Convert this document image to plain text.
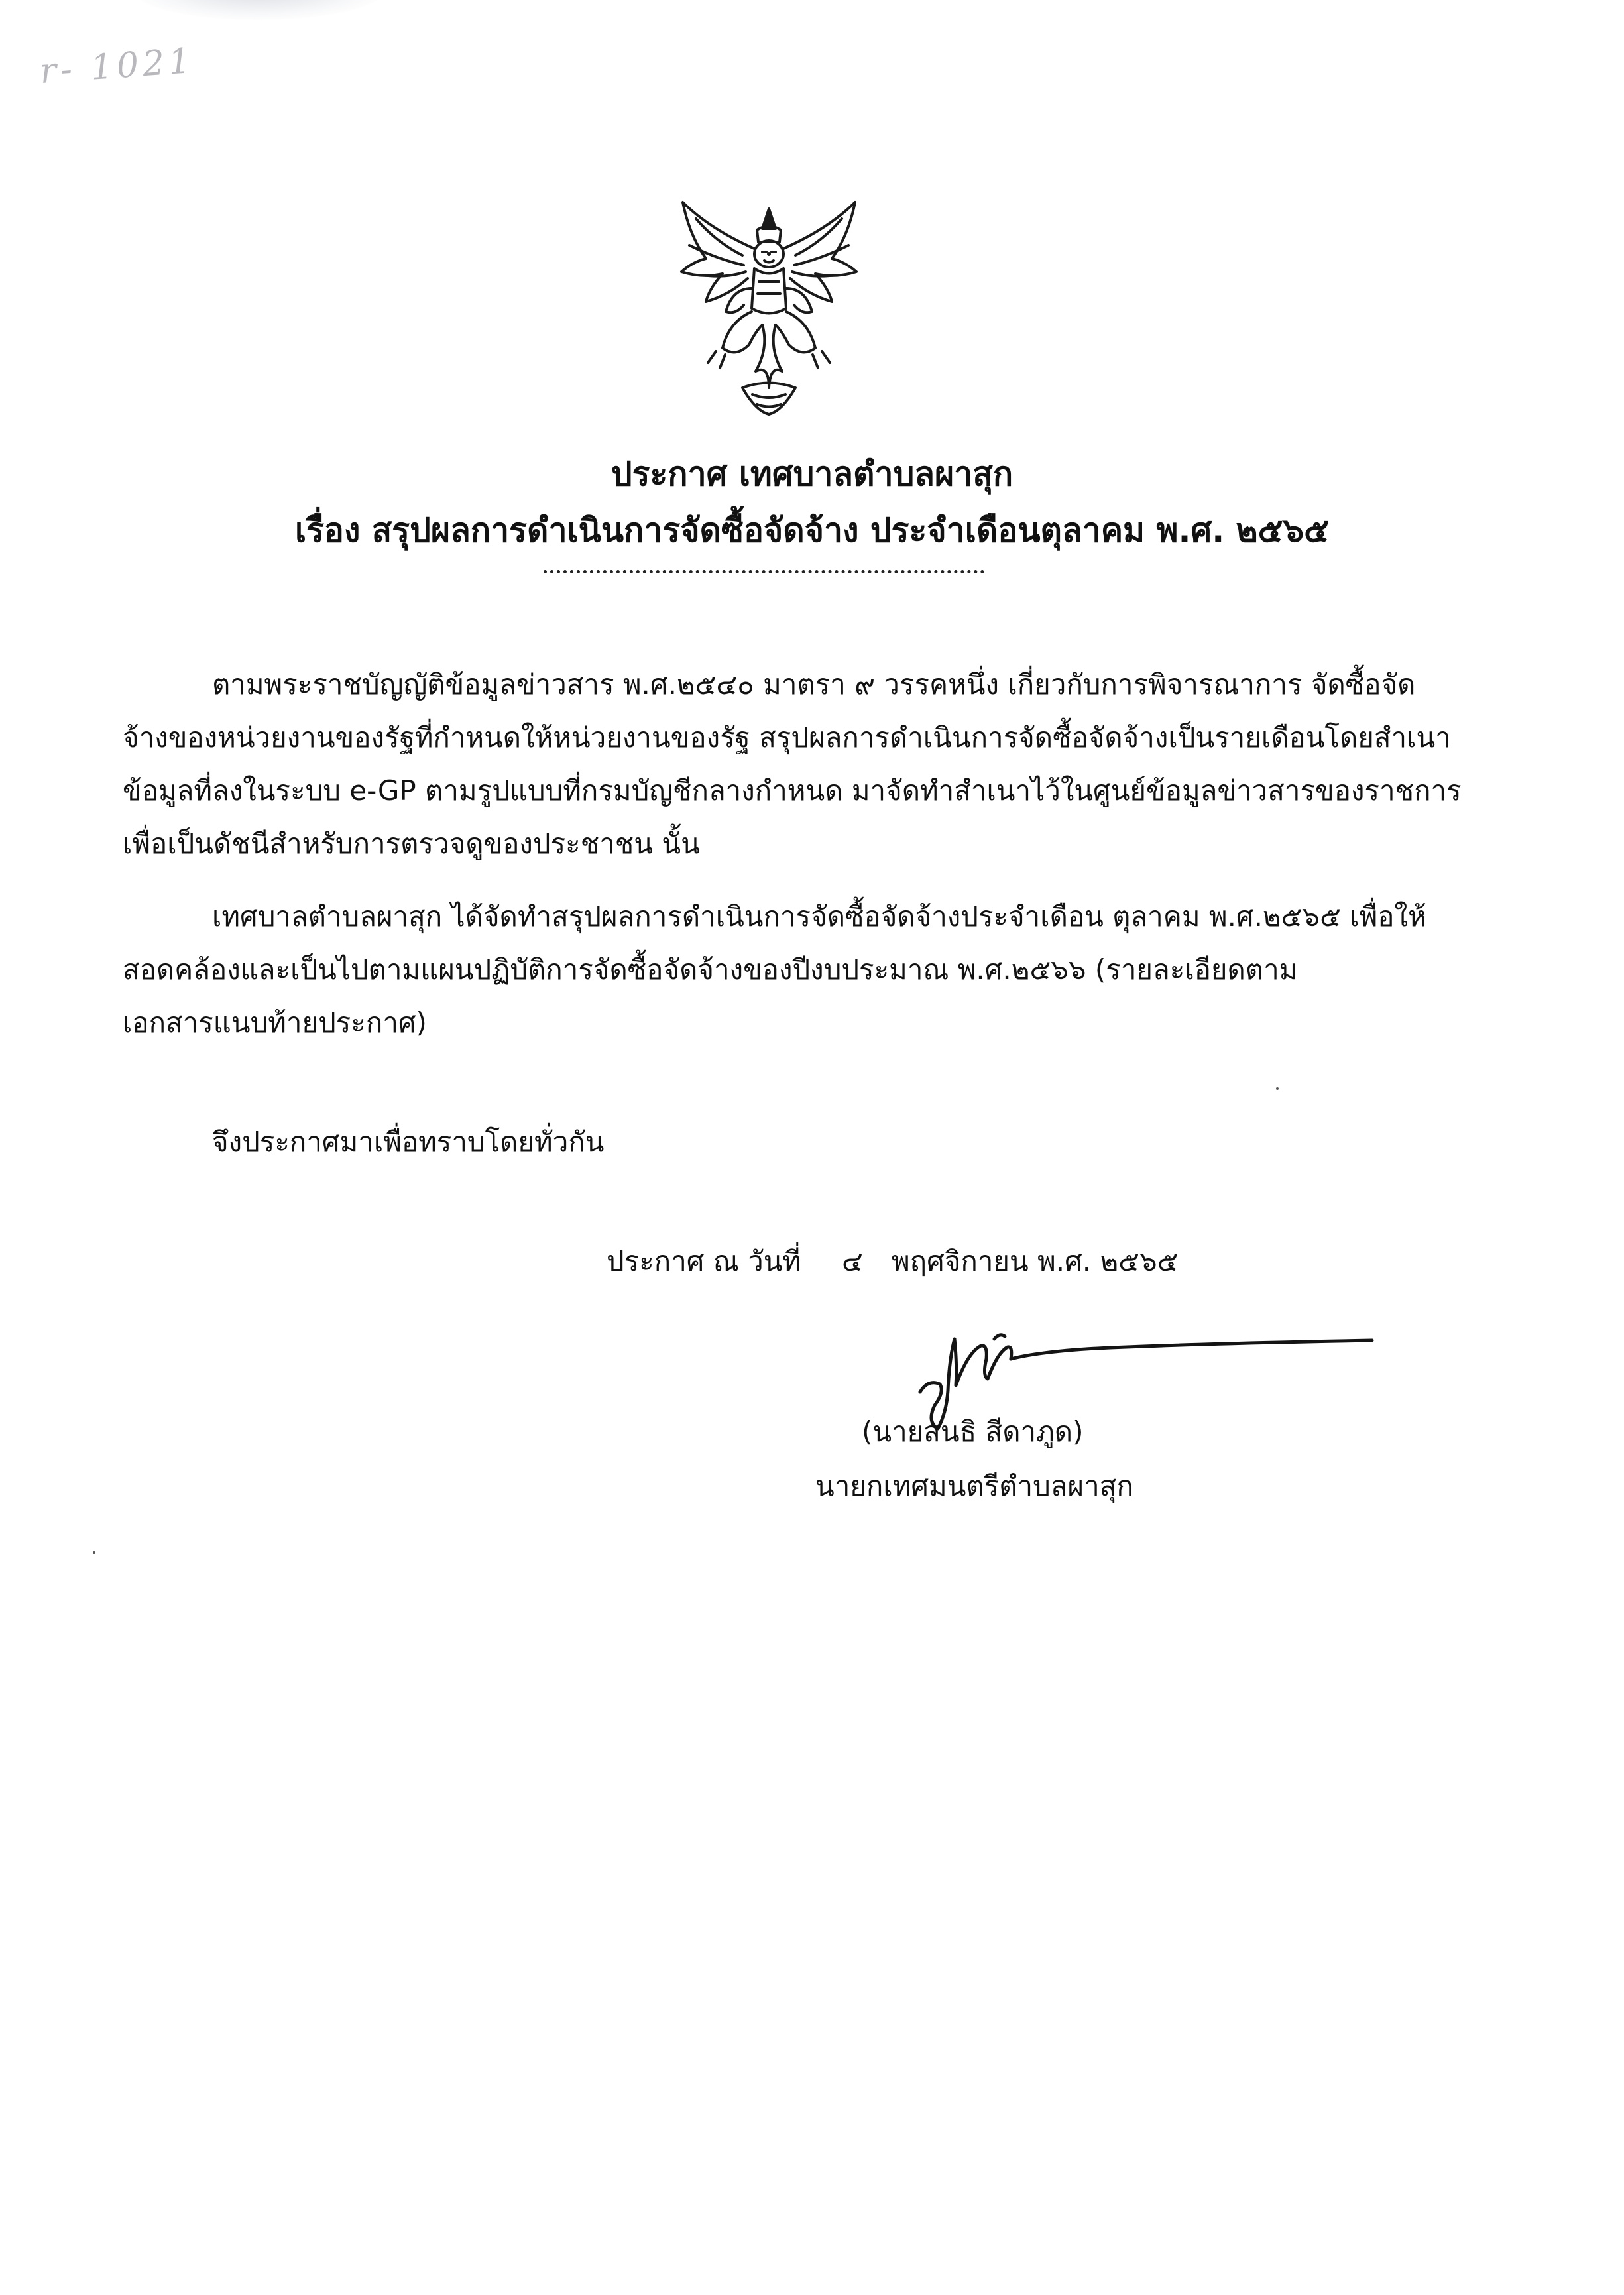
r- 1021
ประกาศ เทศบาลตำบลผาสุก
เรื่อง สรุปผลการดำเนินการจัดซื้อจัดจ้าง ประจำเดือนตุลาคม พ.ศ. ๒๕๖๕
ตามพระราชบัญญัติข้อมูลข่าวสาร พ.ศ.๒๕๔๐ มาตรา ๙ วรรคหนึ่ง เกี่ยวกับการพิจารณาการ จัดซื้อจัด
จ้างของหน่วยงานของรัฐที่กำหนดให้หน่วยงานของรัฐ สรุปผลการดำเนินการจัดซื้อจัดจ้างเป็นรายเดือนโดยสำเนา
ข้อมูลที่ลงในระบบ e-GP ตามรูปแบบที่กรมบัญชีกลางกำหนด มาจัดทำสำเนาไว้ในศูนย์ข้อมูลข่าวสารของราชการ
เพื่อเป็นดัชนีสำหรับการตรวจดูของประชาชน นั้น
เทศบาลตำบลผาสุก ได้จัดทำสรุปผลการดำเนินการจัดซื้อจัดจ้างประจำเดือน ตุลาคม พ.ศ.๒๕๖๕ เพื่อให้
สอดคล้องและเป็นไปตามแผนปฏิบัติการจัดซื้อจัดจ้างของปีงบประมาณ พ.ศ.๒๕๖๖ (รายละเอียดตาม
เอกสารแนบท้ายประกาศ)
จึงประกาศมาเพื่อทราบโดยทั่วกัน
ประกาศ ณ วันที่ ๔ พฤศจิกายน พ.ศ. ๒๕๖๕
(นายสนธิ สีดาภูด)
นายกเทศมนตรีตำบลผาสุก
